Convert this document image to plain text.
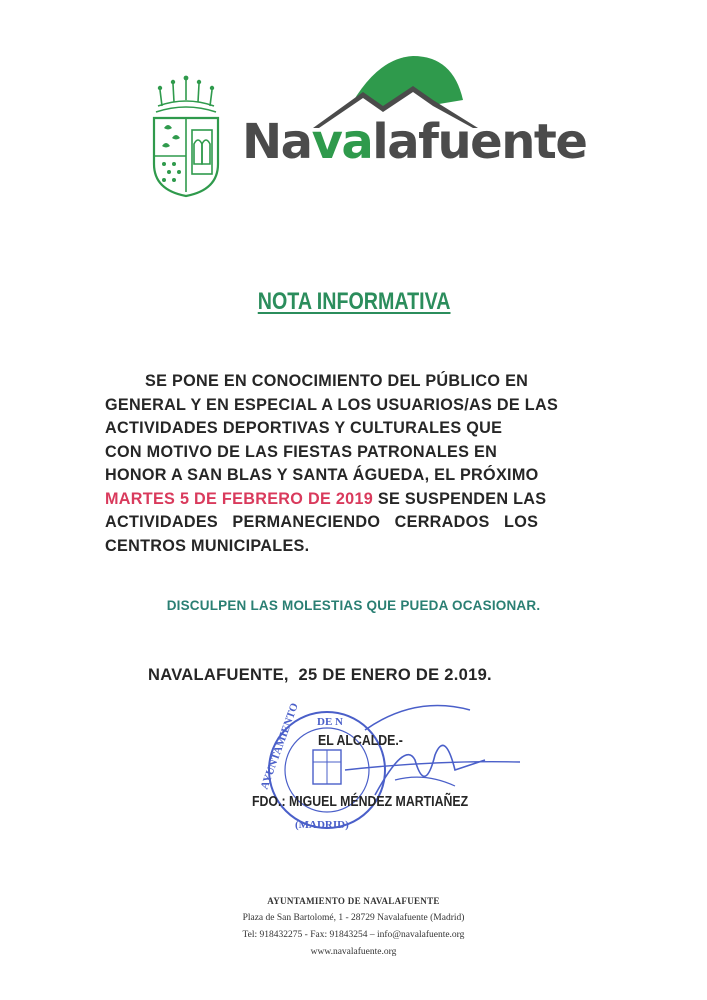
Navalafuente
NOTA INFORMATIVA
SE PONE EN CONOCIMIENTO DEL PÚBLICO EN
GENERAL Y EN ESPECIAL A LOS USUARIOS/AS DE LAS
ACTIVIDADES DEPORTIVAS Y CULTURALES QUE
CON MOTIVO DE LAS FIESTAS PATRONALES EN
HONOR A SAN BLAS Y SANTA ÁGUEDA, EL PRÓXIMO
MARTES 5 DE FEBRERO DE 2019 SE SUSPENDEN LAS
ACTIVIDADES   PERMANECIENDO   CERRADOS   LOS
CENTROS MUNICIPALES.
DISCULPEN LAS MOLESTIAS QUE PUEDA OCASIONAR.
NAVALAFUENTE,  25 DE ENERO DE 2.019.
DE N
(MADRID)
AYUNTAMIENTO EL ALCALDE.-
FDO.: MIGUEL MÉNDEZ MARTIAÑEZ
AYUNTAMIENTO DE NAVALAFUENTE
Plaza de San Bartolomé, 1 - 28729 Navalafuente (Madrid)
Tel: 918432275 - Fax: 91843254 – info@navalafuente.org
www.navalafuente.org
